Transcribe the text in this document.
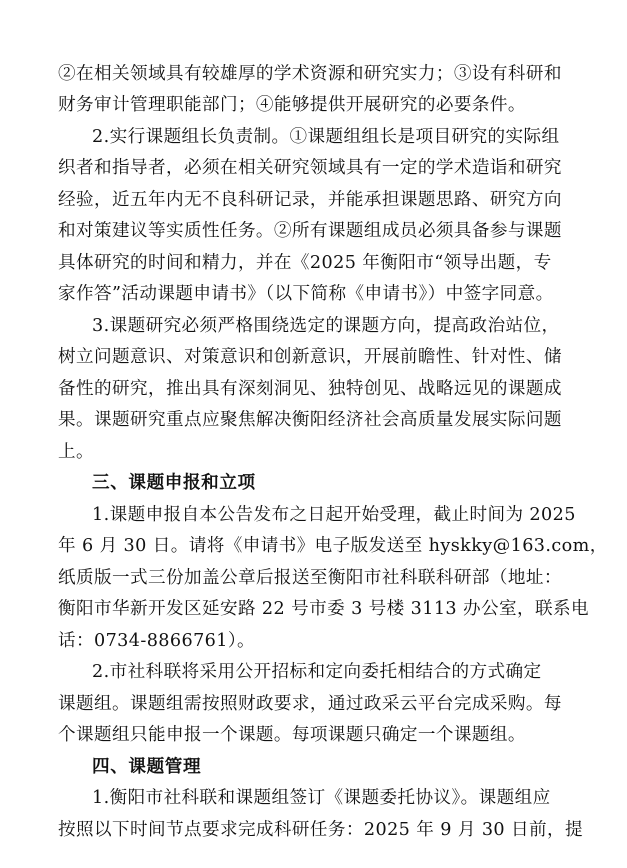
②在相关领域具有较雄厚的学术资源和研究实力；③设有科研和
财务审计管理职能部门；④能够提供开展研究的必要条件。
2.实行课题组长负责制。①课题组组长是项目研究的实际组
织者和指导者，必须在相关研究领域具有一定的学术造诣和研究
经验，近五年内无不良科研记录，并能承担课题思路、研究方向
和对策建议等实质性任务。②所有课题组成员必须具备参与课题
具体研究的时间和精力，并在《2025 年衡阳市“领导出题，专
家作答”活动课题申请书》（以下简称《申请书》）中签字同意。
3.课题研究必须严格围绕选定的课题方向，提高政治站位，
树立问题意识、对策意识和创新意识，开展前瞻性、针对性、储
备性的研究，推出具有深刻洞见、独特创见、战略远见的课题成
果。课题研究重点应聚焦解决衡阳经济社会高质量发展实际问题
上。
三、课题申报和立项
1.课题申报自本公告发布之日起开始受理，截止时间为 2025
年 6 月 30 日。请将《申请书》电子版发送至 hyskky@163.com，
纸质版一式三份加盖公章后报送至衡阳市社科联科研部（地址：
衡阳市华新开发区延安路 22 号市委 3 号楼 3113 办公室，联系电
话：0734-8866761）。
2.市社科联将采用公开招标和定向委托相结合的方式确定
课题组。课题组需按照财政要求，通过政采云平台完成采购。每
个课题组只能申报一个课题。每项课题只确定一个课题组。
四、课题管理
1.衡阳市社科联和课题组签订《课题委托协议》。课题组应
按照以下时间节点要求完成科研任务：2025 年 9 月 30 日前，提
